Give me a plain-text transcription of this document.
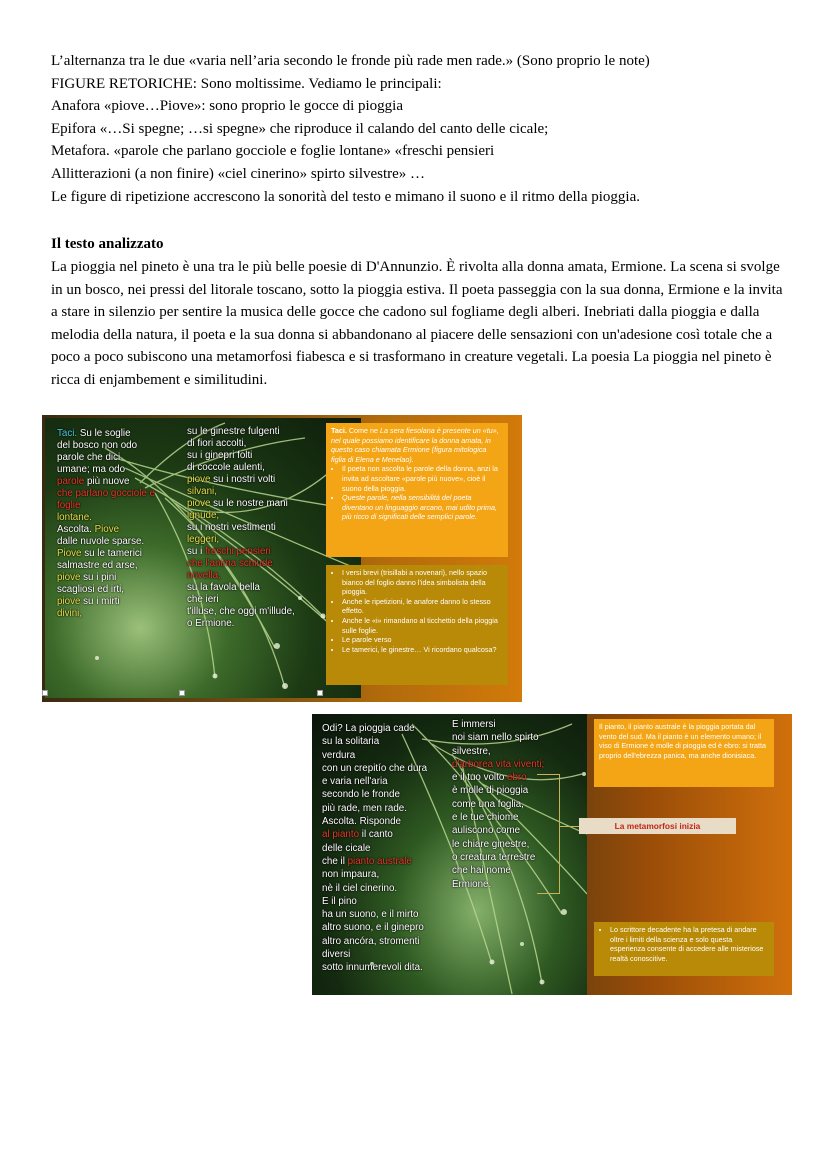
L’alternanza tra le due «varia nell’aria secondo le fronde più rade men rade.» (Sono proprio le note)

FIGURE RETORICHE: Sono moltissime. Vediamo le principali:

Anafora «piove…Piove»: sono proprio le gocce di pioggia

Epifora «…Si spegne; …si spegne» che riproduce il calando del canto delle cicale;

Metafora. «parole che parlano gocciole e foglie lontane» «freschi pensieri

Allitterazioni (a non finire) «ciel cinerino» spirto silvestre» …

Le figure di ripetizione accrescono la sonorità del testo e mimano il suono e il ritmo della pioggia.

Il testo analizzato
La pioggia nel pineto è una tra le più belle poesie di D'Annunzio. È rivolta alla donna amata, Ermione. La scena si svolge in un bosco, nei pressi del litorale toscano, sotto la pioggia estiva. Il poeta passeggia con la sua donna, Ermione e la invita a stare in silenzio per sentire la musica delle gocce che cadono sul fogliame degli alberi. Inebriati dalla pioggia e dalla melodia della natura, il poeta e la sua donna si abbandonano al piacere delle sensazioni con un'adesione così totale che a poco a poco subiscono una metamorfosi fiabesca e si trasformano in creature vegetali. La poesia La pioggia nel pineto è ricca di enjambement e similitudini.
Taci. Su le soglie
del bosco non odo
parole che dici
umane; ma odo
parole più nuove
che parlano gocciole e
foglie
lontane.
Ascolta. Piove
dalle nuvole sparse.
Piove su le tamerici
salmastre ed arse,
piove su i pini
scagliosi ed irti,
piove su i mirti
divini,
su le ginestre fulgenti
di fiori accolti,
su i ginepri folti
di coccole aulenti,
piove su i nostri volti
silvani,
piove su le nostre mani
ignude,
su i nostri vestimenti
leggeri,
su i freschi pensieri
che l'anima schiude
novella,
su la favola bella
che ieri
t'illuse, che oggi m'illude,
o Ermione.
Taci. Come ne La sera fiesolana è presente un «tu», nel quale possiamo identificare la donna amata, in questo caso chiamata Ermione (figura mitologica figlia di Elena e Menelao).
• Il poeta non ascolta le parole della donna, anzi la invita ad ascoltare «parole più nuove», cioè il suono della pioggia.
• Queste parole, nella sensibilità del poeta diventano un linguaggio arcano, mai udito prima, più ricco di significati delle semplici parole.
• I versi brevi (trisillabi a novenari), nello spazio bianco del foglio danno l'idea simbolista della pioggia.
• Anche le ripetizioni, le anafore danno lo stesso effetto.
• Anche le «i» rimandano al ticchettio della pioggia sulle foglie.
• Le parole verso
• Le tamerici, le ginestre… Vi ricordano qualcosa?
Odi? La pioggia cade
su la solitaria
verdura
con un crepitío che dura
e varia nell'aria
secondo le fronde
più rade, men rade.
Ascolta. Risponde
al pianto il canto
delle cicale
che il pianto australe
non impaura,
nè il ciel cinerino.
E il pino
ha un suono, e il mirto
altro suono, e il ginepro
altro ancóra, stromenti
diversi
sotto innumerevoli dita.
E immersi
noi siam nello spirto
silvestre,
d'arborea vita viventi;
e il tuo volto ebro
è molle di pioggia
come una foglia,
e le tue chiome
auliscono come
le chiare ginestre,
o creatura terrestre
che hai nome
Ermione.
Il pianto, il pianto australe è la pioggia portata dal vento del sud. Ma il pianto è un elemento umano; il viso di Ermione è molle di pioggia ed è ebro: si tratta proprio dell'ebrezza panica, ma anche dionisiaca.
La metamorfosi inizia
• Lo scrittore decadente ha la pretesa di andare oltre i limiti della scienza e solo questa esperienza consente di accedere alle misteriose realtà conoscitive.
